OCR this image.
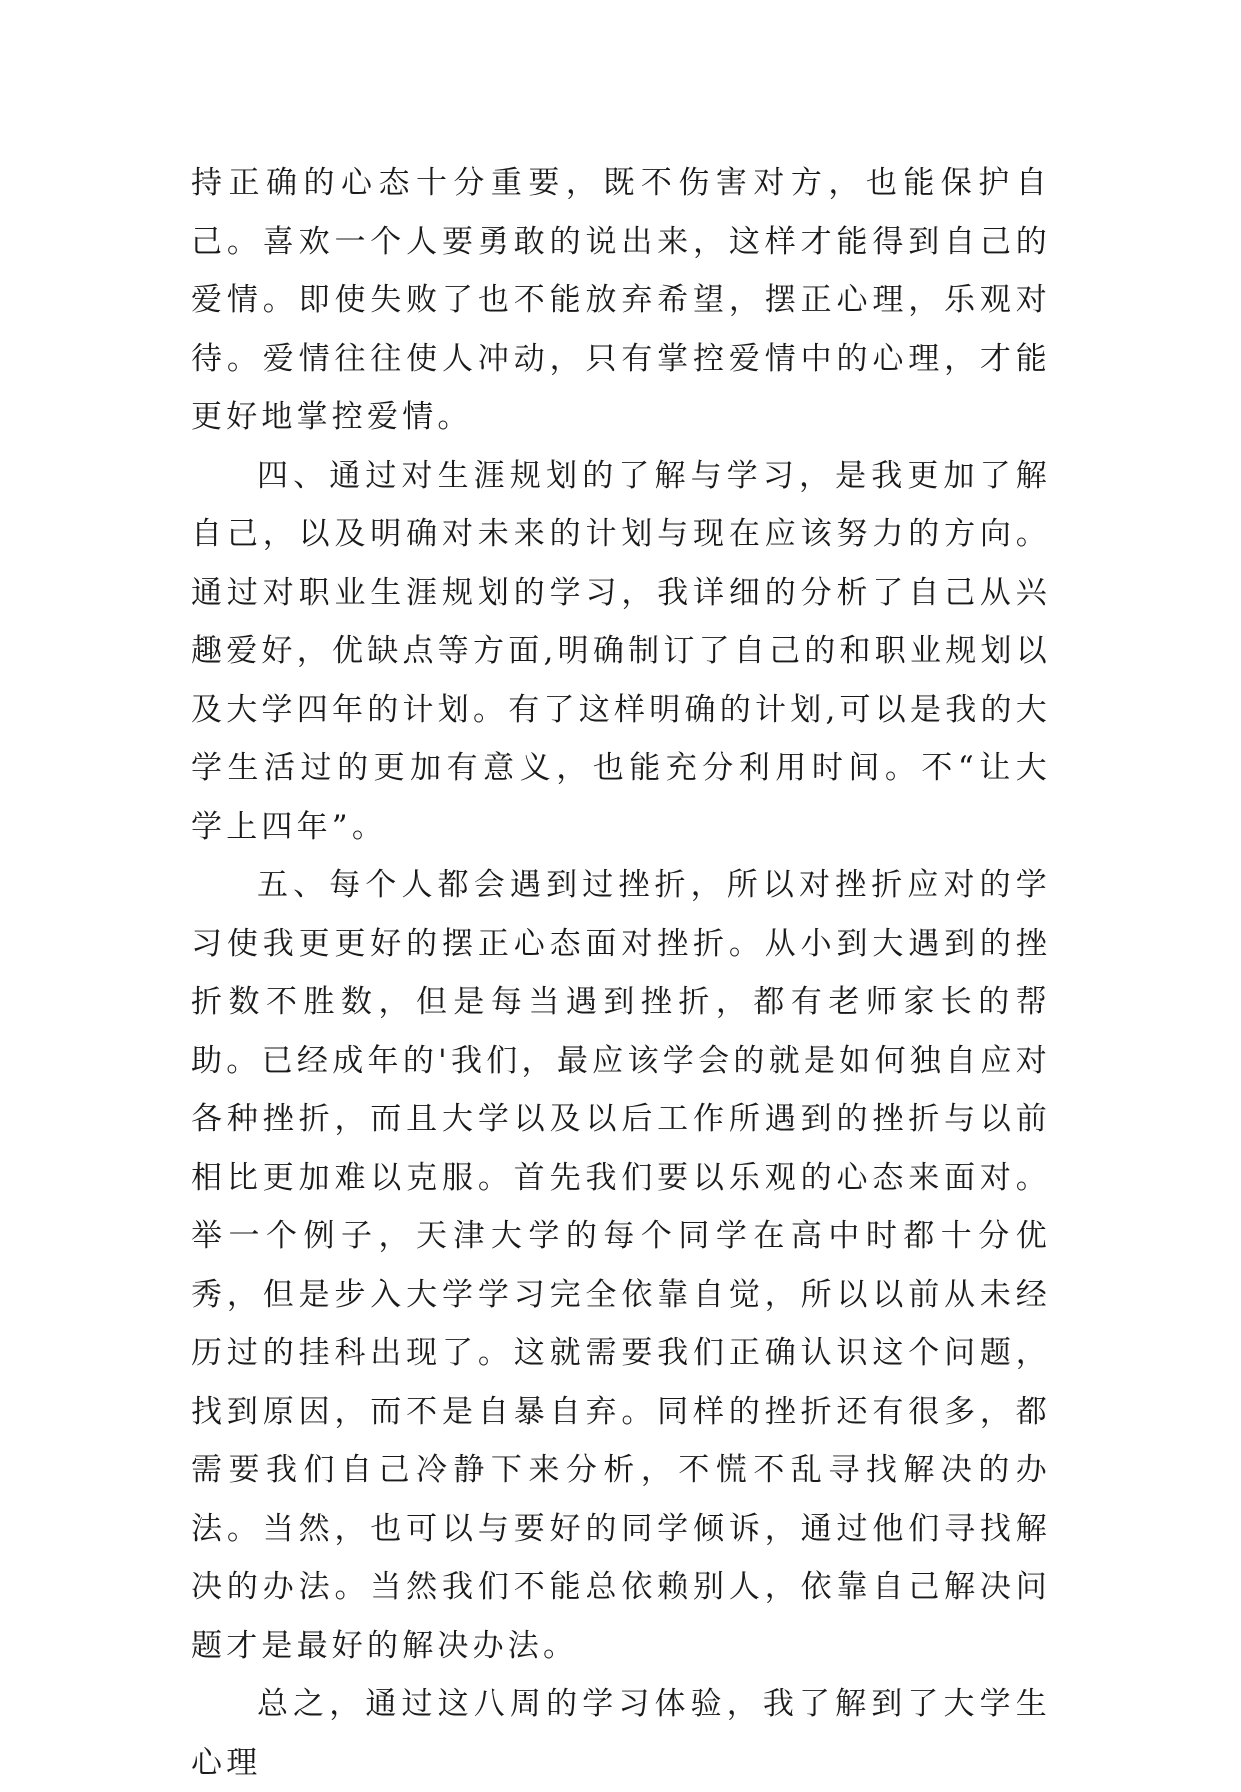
持正确的心态十分重要，既不伤害对方，也能保护自己。喜欢一个人要勇敢的说出来，这样才能得到自己的爱情。即使失败了也不能放弃希望，摆正心理，乐观对待。爱情往往使人冲动，只有掌控爱情中的心理，才能更好地掌控爱情。

四、通过对生涯规划的了解与学习，是我更加了解自己，以及明确对未来的计划与现在应该努力的方向。通过对职业生涯规划的学习，我详细的分析了自己从兴趣爱好，优缺点等方面,明确制订了自己的和职业规划以及大学四年的计划。有了这样明确的计划,可以是我的大学生活过的更加有意义，也能充分利用时间。不“让大学上四年”。

五、每个人都会遇到过挫折，所以对挫折应对的学习使我更更好的摆正心态面对挫折。从小到大遇到的挫折数不胜数，但是每当遇到挫折，都有老师家长的帮助。已经成年的'我们，最应该学会的就是如何独自应对各种挫折，而且大学以及以后工作所遇到的挫折与以前相比更加难以克服。首先我们要以乐观的心态来面对。举一个例子，天津大学的每个同学在高中时都十分优秀，但是步入大学学习完全依靠自觉，所以以前从未经历过的挂科出现了。这就需要我们正确认识这个问题，找到原因，而不是自暴自弃。同样的挫折还有很多，都需要我们自己冷静下来分析，不慌不乱寻找解决的办法。当然，也可以与要好的同学倾诉，通过他们寻找解决的办法。当然我们不能总依赖别人，依靠自己解决问题才是最好的解决办法。

总之，通过这八周的学习体验，我了解到了大学生心理
